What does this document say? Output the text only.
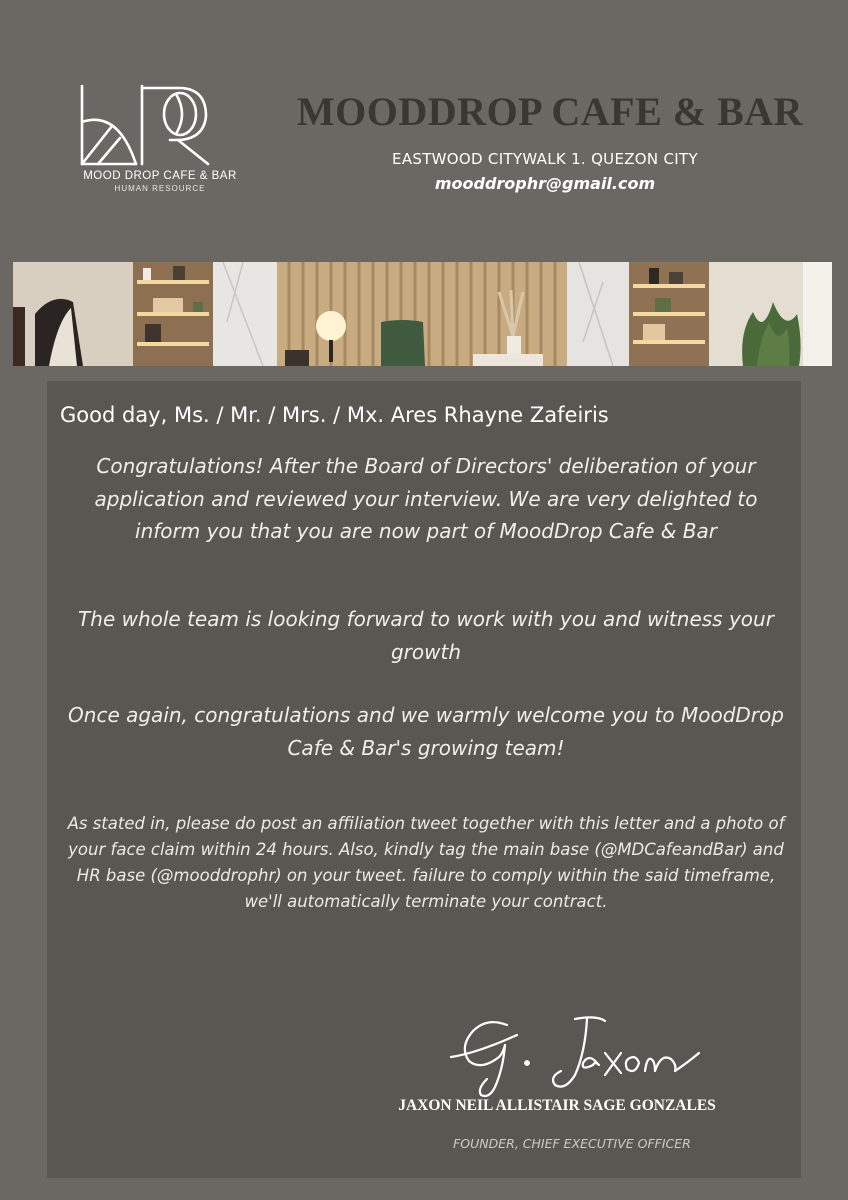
MOOD DROP CAFE & BAR
HUMAN RESOURCE
MOODDROP CAFE & BAR
EASTWOOD CITYWALK 1. QUEZON CITY
mooddrophr@gmail.com
Good day, Ms. / Mr. / Mrs. / Mx. Ares Rhayne Zafeiris
Congratulations! After the Board of Directors' deliberation of your application and reviewed your interview. We are very delighted to inform you that you are now part of MoodDrop Cafe & Bar
The whole team is looking forward to work with you and witness your growth
Once again, congratulations and we warmly welcome you to MoodDrop Cafe & Bar's growing team!
As stated in, please do post an affiliation tweet together with this letter and a photo of your face claim within 24 hours. Also, kindly tag the main base (@MDCafeandBar) and HR base (@mooddrophr) on your tweet. failure to comply within the said timeframe, we'll automatically terminate your contract.
JAXON NEIL ALLISTAIR SAGE GONZALES
FOUNDER, CHIEF EXECUTIVE OFFICER
